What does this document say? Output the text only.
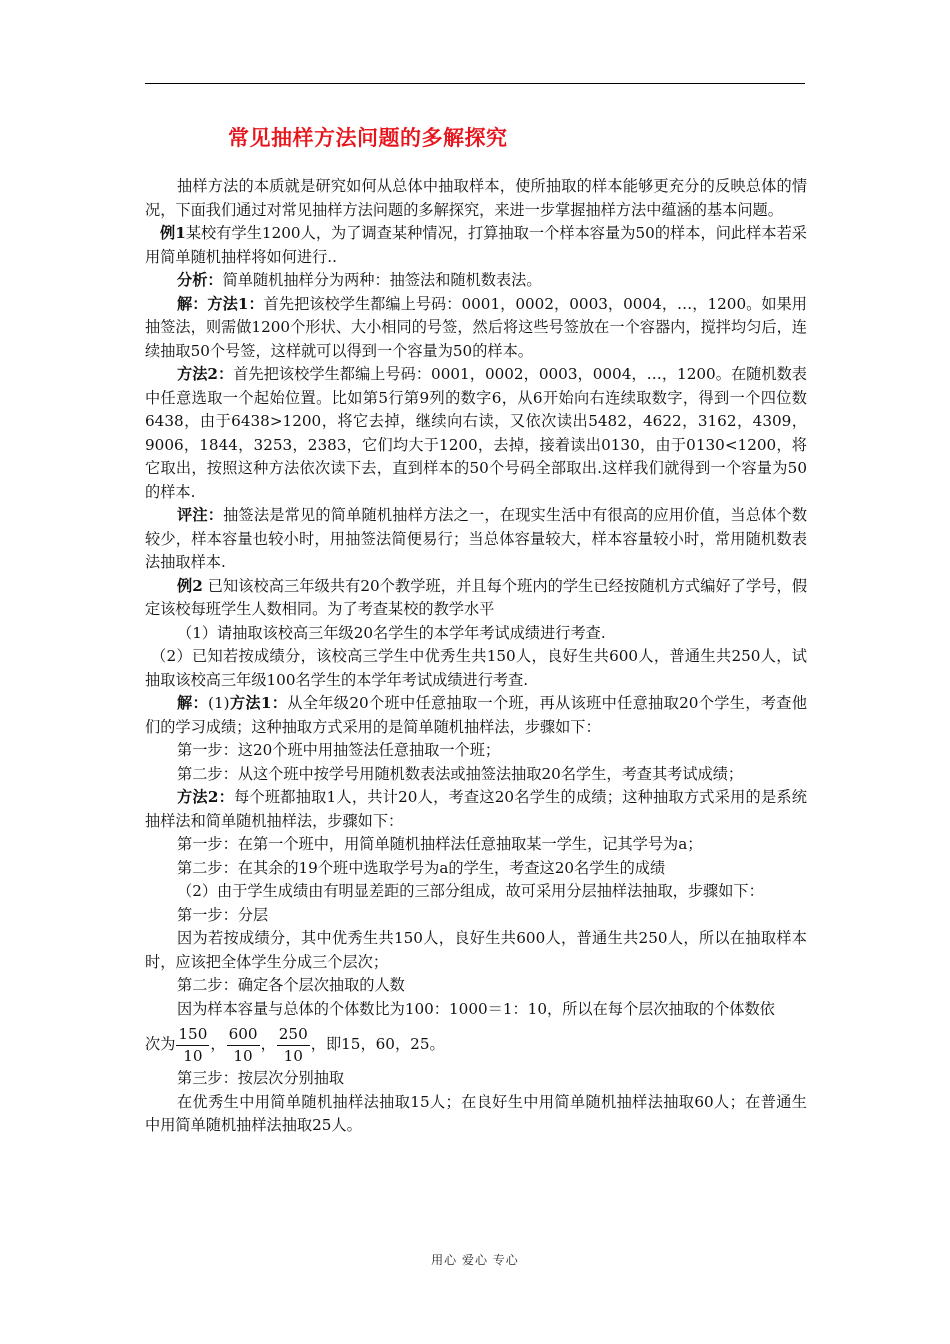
常见抽样方法问题的多解探究

抽样方法的本质就是研究如何从总体中抽取样本，使所抽取的样本能够更充分的反映总体的情况，下面我们通过对常见抽样方法问题的多解探究，来进一步掌握抽样方法中蕴涵的基本问题。

例1某校有学生1200人，为了调查某种情况，打算抽取一个样本容量为50的样本，问此样本若采用简单随机抽样将如何进行..

分析：简单随机抽样分为两种：抽签法和随机数表法。

解：方法1：首先把该校学生都编上号码：0001，0002，0003，0004，…，1200。如果用抽签法，则需做1200个形状、大小相同的号签，然后将这些号签放在一个容器内，搅拌均匀后，连续抽取50个号签，这样就可以得到一个容量为50的样本。

方法2：首先把该校学生都编上号码：0001，0002，0003，0004，…，1200。在随机数表中任意选取一个起始位置。比如第5行第9列的数字6，从6开始向右连续取数字，得到一个四位数6438，由于6438>1200，将它去掉，继续向右读，又依次读出5482，4622，3162，4309，9006，1844，3253，2383，它们均大于1200，去掉，接着读出0130，由于0130<1200，将它取出，按照这种方法依次读下去，直到样本的50个号码全部取出.这样我们就得到一个容量为50的样本.

评注：抽签法是常见的简单随机抽样方法之一，在现实生活中有很高的应用价值，当总体个数较少，样本容量也较小时，用抽签法简便易行；当总体容量较大，样本容量较小时，常用随机数表法抽取样本.

例2 已知该校高三年级共有20个教学班，并且每个班内的学生已经按随机方式编好了学号，假定该校每班学生人数相同。为了考查某校的教学水平

（1）请抽取该校高三年级20名学生的本学年考试成绩进行考查.

（2）已知若按成绩分，该校高三学生中优秀生共150人，良好生共600人，普通生共250人，试抽取该校高三年级100名学生的本学年考试成绩进行考查.

解：(1)方法1：从全年级20个班中任意抽取一个班，再从该班中任意抽取20个学生，考查他们的学习成绩；这种抽取方式采用的是简单随机抽样法，步骤如下：

第一步：这20个班中用抽签法任意抽取一个班；

第二步：从这个班中按学号用随机数表法或抽签法抽取20名学生，考查其考试成绩；

方法2：每个班都抽取1人，共计20人，考查这20名学生的成绩；这种抽取方式采用的是系统抽样法和简单随机抽样法，步骤如下：

第一步：在第一个班中，用简单随机抽样法任意抽取某一学生，记其学号为a；

第二步：在其余的19个班中选取学号为a的学生，考查这20名学生的成绩

（2）由于学生成绩由有明显差距的三部分组成，故可采用分层抽样法抽取，步骤如下：

第一步：分层

因为若按成绩分，其中优秀生共150人，良好生共600人，普通生共250人，所以在抽取样本时，应该把全体学生分成三个层次；

第二步：确定各个层次抽取的人数

因为样本容量与总体的个体数比为100：1000＝1：10，所以在每个层次抽取的个体数依

次为 $\frac{150}{10}$ ， $\frac{600}{10}$ ， $\frac{250}{10}$ ，即15，60，25。

第三步：按层次分别抽取

在优秀生中用简单随机抽样法抽取15人；在良好生中用简单随机抽样法抽取60人；在普通生中用简单随机抽样法抽取25人。

用心 爱心 专心
